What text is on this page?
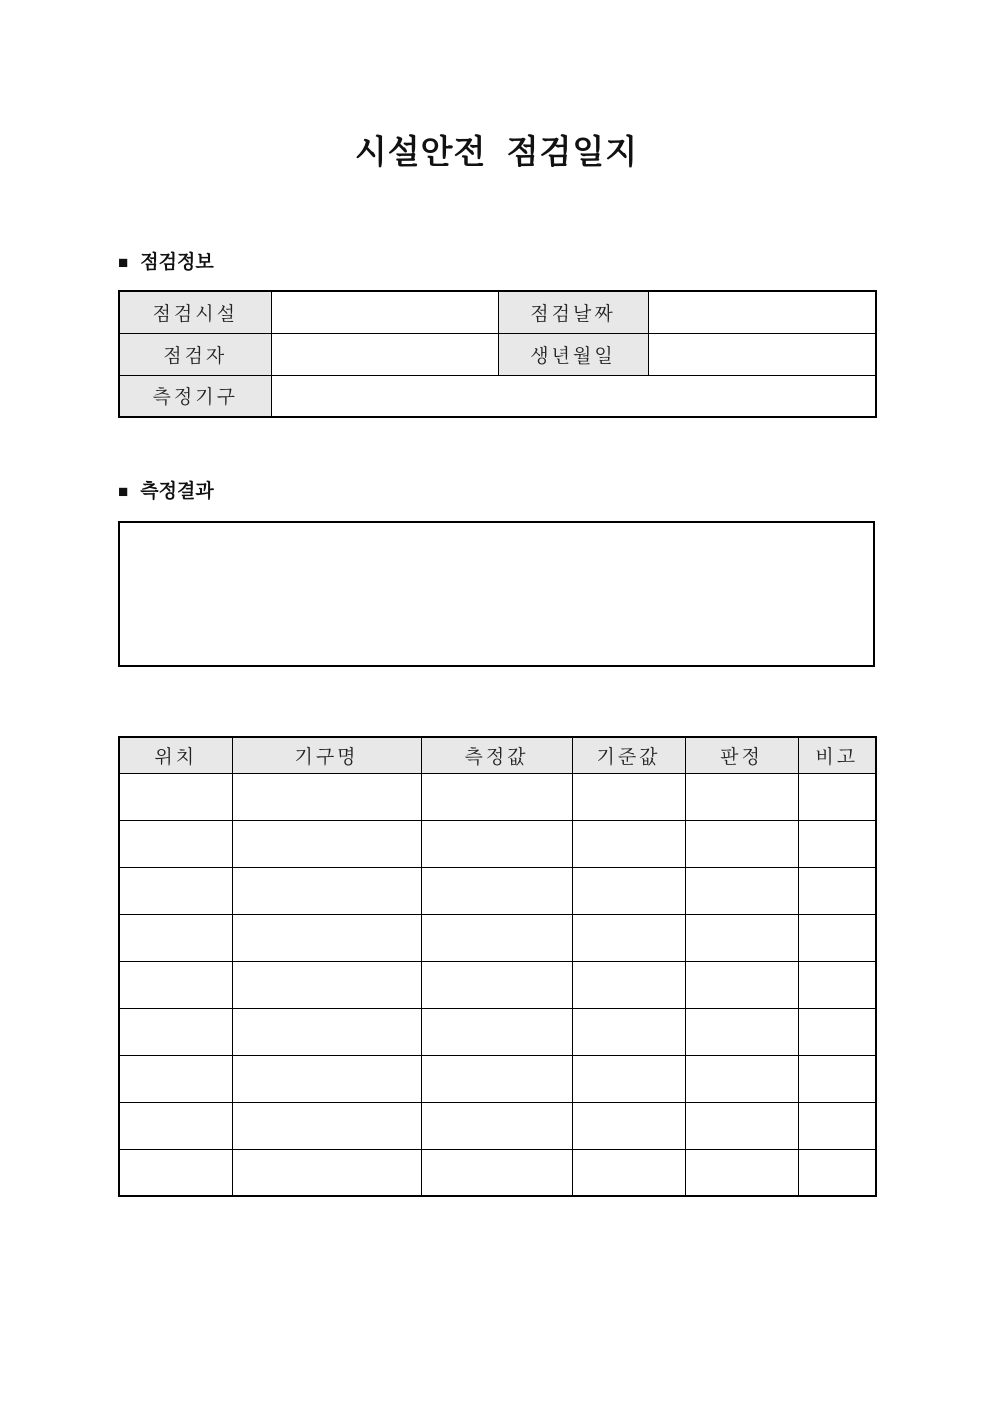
시설안전  점검일지
■ 점검정보
점검시설		점검날짜	
점검자		생년월일	
측정기구			
■ 측정결과
위치	기구명	측정값	기준값	판정	비고
